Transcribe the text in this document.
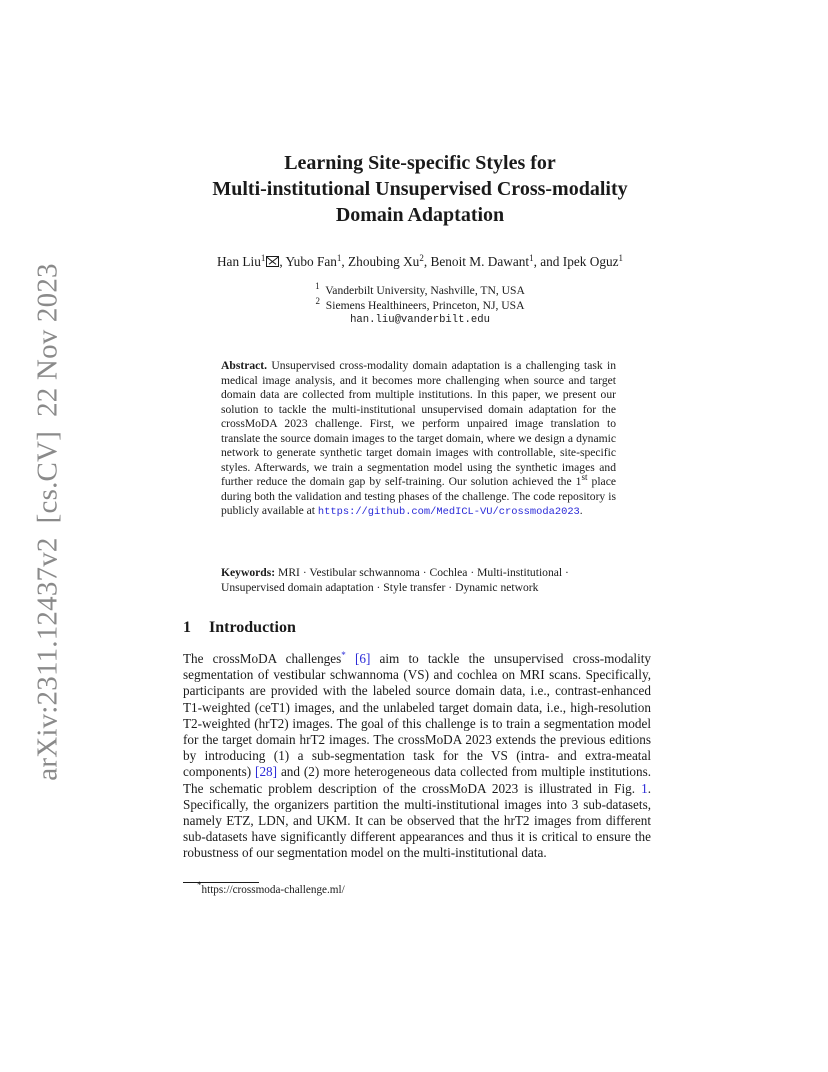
arXiv:2311.12437v2[cs.CV]22 Nov 2023
Learning Site-specific Styles for
Multi-institutional Unsupervised Cross-modality
Domain Adaptation
Han Liu$^1$ , Yubo Fan$^1$, Zhoubing Xu$^2$, Benoit M. Dawant$^1$, and Ipek Oguz$^1$
$^1$ Vanderbilt University, Nashville, TN, USA
$^2$ Siemens Healthineers, Princeton, NJ, USA
han.liu@vanderbilt.edu
Abstract. Unsupervised cross-modality domain adaptation is a challenging task in medical image analysis, and it becomes more challenging when source and target domain data are collected from multiple institutions. In this paper, we present our solution to tackle the multi-institutional unsupervised domain adaptation for the crossMoDA 2023 challenge. First, we perform unpaired image translation to translate the source domain images to the target domain, where we design a dynamic network to generate synthetic target domain images with controllable, site-specific styles. Afterwards, we train a segmentation model using the synthetic images and further reduce the domain gap by self-training. Our solution achieved the 1st place during both the validation and testing phases of the challenge. The code repository is publicly available at https://github.com/MedICL-VU/crossmoda2023.
Keywords: MRI · Vestibular schwannoma · Cochlea · Multi-institutional · Unsupervised domain adaptation · Style transfer · Dynamic network
1 Introduction

The crossMoDA challenges* [6] aim to tackle the unsupervised cross-modality segmentation of vestibular schwannoma (VS) and cochlea on MRI scans. Specifically, participants are provided with the labeled source domain data, i.e., contrast-enhanced T1-weighted (ceT1) images, and the unlabeled target domain data, i.e., high-resolution T2-weighted (hrT2) images. The goal of this challenge is to train a segmentation model for the target domain hrT2 images. The crossMoDA 2023 extends the previous editions by introducing (1) a sub-segmentation task for the VS (intra- and extra-meatal components) [28] and (2) more heterogeneous data collected from multiple institutions. The schematic problem description of the crossMoDA 2023 is illustrated in Fig. 1. Specifically, the organizers partition the multi-institutional images into 3 sub-datasets, namely ETZ, LDN, and UKM. It can be observed that the hrT2 images from different sub-datasets have significantly different appearances and thus it is critical to ensure the robustness of our segmentation model on the multi-institutional data.

*https://crossmoda-challenge.ml/
